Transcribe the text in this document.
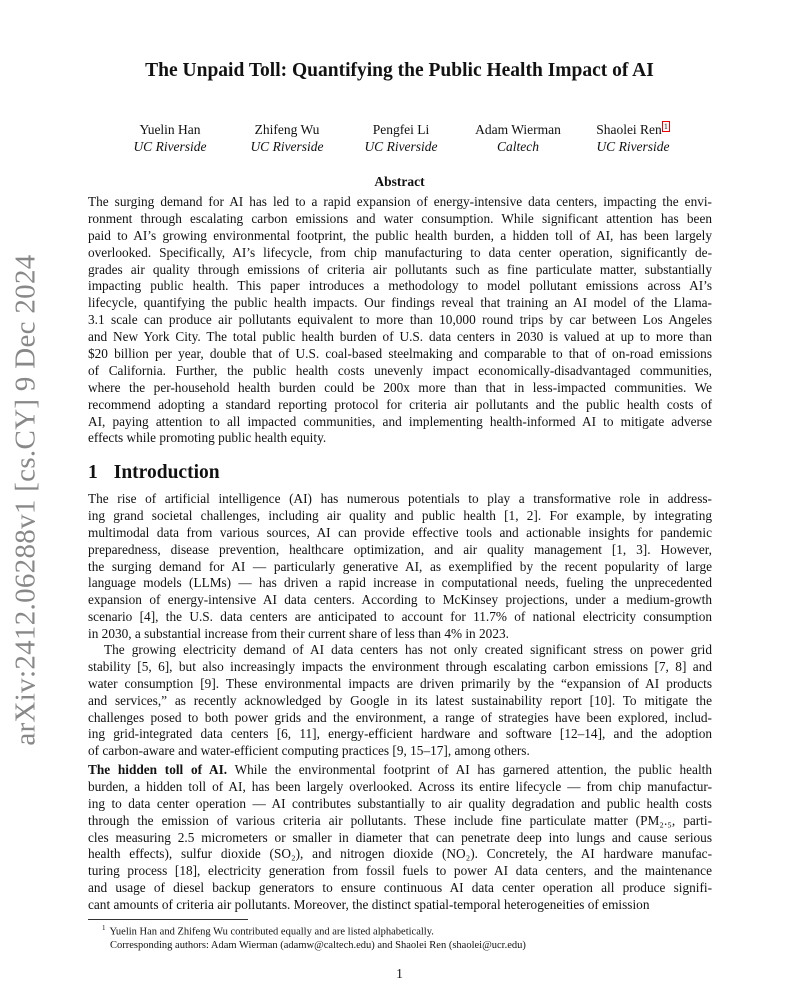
arXiv:2412.06288v1 [cs.CY] 9 Dec 2024
The Unpaid Toll: Quantifying the Public Health Impact of AI
Yuelin Han
UC Riverside
Zhifeng Wu
UC Riverside
Pengfei Li
UC Riverside
Adam Wierman
Caltech
Shaolei Ren $^1$
UC Riverside
Abstract
The surging demand for AI has led to a rapid expansion of energy-intensive data centers, impacting the envi-
ronment through escalating carbon emissions and water consumption. While significant attention has been
paid to AI’s growing environmental footprint, the public health burden, a hidden toll of AI, has been largely
overlooked. Specifically, AI’s lifecycle, from chip manufacturing to data center operation, significantly de-
grades air quality through emissions of criteria air pollutants such as fine particulate matter, substantially
impacting public health. This paper introduces a methodology to model pollutant emissions across AI’s
lifecycle, quantifying the public health impacts. Our findings reveal that training an AI model of the Llama-
3.1 scale can produce air pollutants equivalent to more than 10,000 round trips by car between Los Angeles
and New York City. The total public health burden of U.S. data centers in 2030 is valued at up to more than
$20 billion per year, double that of U.S. coal-based steelmaking and comparable to that of on-road emissions
of California. Further, the public health costs unevenly impact economically-disadvantaged communities,
where the per-household health burden could be 200x more than that in less-impacted communities. We
recommend adopting a standard reporting protocol for criteria air pollutants and the public health costs of
AI, paying attention to all impacted communities, and implementing health-informed AI to mitigate adverse
effects while promoting public health equity.
1 Introduction
The rise of artificial intelligence (AI) has numerous potentials to play a transformative role in address-
ing grand societal challenges, including air quality and public health [1, 2]. For example, by integrating
multimodal data from various sources, AI can provide effective tools and actionable insights for pandemic
preparedness, disease prevention, healthcare optimization, and air quality management [1, 3]. However,
the surging demand for AI — particularly generative AI, as exemplified by the recent popularity of large
language models (LLMs) — has driven a rapid increase in computational needs, fueling the unprecedented
expansion of energy-intensive AI data centers. According to McKinsey projections, under a medium-growth
scenario [4], the U.S. data centers are anticipated to account for 11.7% of national electricity consumption
in 2030, a substantial increase from their current share of less than 4% in 2023.
The growing electricity demand of AI data centers has not only created significant stress on power grid
stability [5, 6], but also increasingly impacts the environment through escalating carbon emissions [7, 8] and
water consumption [9]. These environmental impacts are driven primarily by the “expansion of AI products
and services,” as recently acknowledged by Google in its latest sustainability report [10]. To mitigate the
challenges posed to both power grids and the environment, a range of strategies have been explored, includ-
ing grid-integrated data centers [6, 11], energy-efficient hardware and software [12–14], and the adoption
of carbon-aware and water-efficient computing practices [9, 15–17], among others.
The hidden toll of AI. While the environmental footprint of AI has garnered attention, the public health
burden, a hidden toll of AI, has been largely overlooked. Across its entire lifecycle — from chip manufactur-
ing to data center operation — AI contributes substantially to air quality degradation and public health costs
through the emission of various criteria air pollutants. These include fine particulate matter (PM₂.₅, parti-
cles measuring 2.5 micrometers or smaller in diameter that can penetrate deep into lungs and cause serious
health effects), sulfur dioxide (SO₂), and nitrogen dioxide (NO₂). Concretely, the AI hardware manufac-
turing process [18], electricity generation from fossil fuels to power AI data centers, and the maintenance
and usage of diesel backup generators to ensure continuous AI data center operation all produce signifi-
cant amounts of criteria air pollutants. Moreover, the distinct spatial-temporal heterogeneities of emission
$^1$ Yuelin Han and Zhifeng Wu contributed equally and are listed alphabetically.
Corresponding authors: Adam Wierman (adamw@caltech.edu) and Shaolei Ren (shaolei@ucr.edu)
1
